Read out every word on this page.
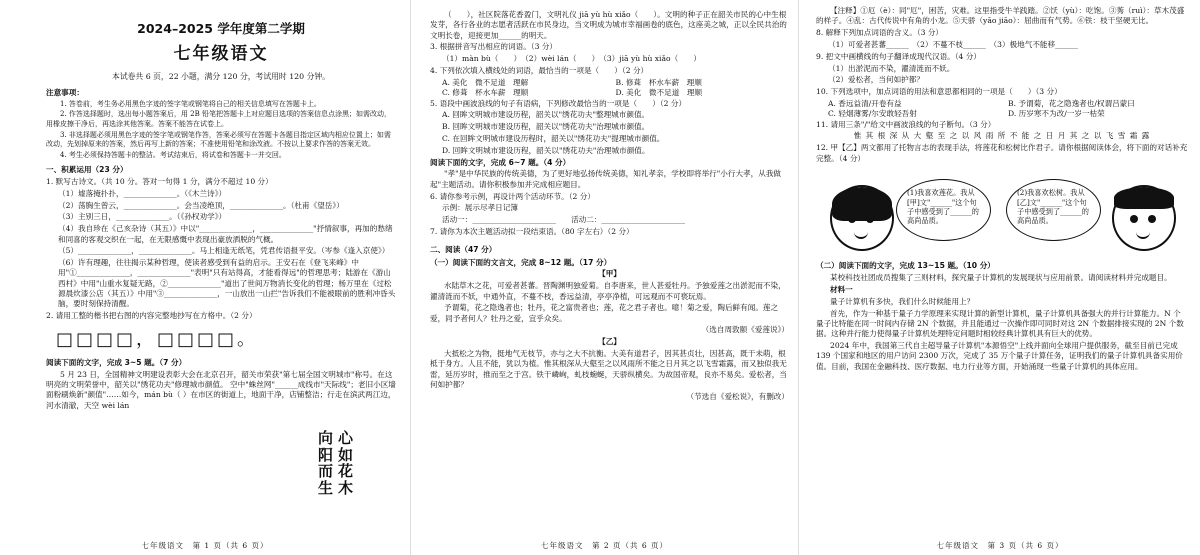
2024–2025 学年度第二学期
七年级语文
本试卷共 6 页，22 小题，满分 120 分，考试用时 120 分钟。

注意事项：

1. 答卷前，考生务必用黑色字迹的签字笔或钢笔将自己的相关信息填写在答题卡上。

2. 作答选择题时，选出每小题答案后，用 2B 铅笔把答题卡上对应题目选项的答案信息点涂黑；如需改动，用橡皮擦干净后，再选涂其他答案。答案不能答在试卷上。

3. 非选择题必须用黑色字迹的签字笔或钢笔作答，答案必须写在答题卡各题目指定区域内相应位置上；如需改动，先划掉原来的答案，然后再写上新的答案；不准使用铅笔和涂改液。不按以上要求作答的答案无效。

4. 考生必须保持答题卡的整洁。考试结束后，将试卷和答题卡一并交回。

一、积累运用（23 分）

1. 默写古诗文。（共 10 分。答对一句得 1 分，满分不超过 10 分）

（1）墟落掩扑扑，______________。（《木兰诗》）

（2）荡胸生曾云，______________。会当凌绝顶，______________。（杜甫《望岳》）

（3）主别三日，______________。（《孙权劝学》）

（4）我自珍在《己亥杂诗（其五）》中以"______________，______________"抒情叙事，再加的愁绪和同喜的客观交织在一起，在无限感慨中表现出豪放洒脱的气概。

（5）______________，______________。马上相逢无纸笔，凭君传语报平安。（岑参《逢入京使》）

（6）许有理趣，往往揭示某种哲理，使读者感受到有益的启示。王安石在《登飞来峰》中用"①______________，______________"表明"只有站得高，才能看得远"的哲理思考；陆游在《游山西村》中用"山重水复疑无路，②______________"道出了世间万物消长变化的哲理；杨万里在《过松源晨炊漆公店（其五）》中用"③______________，一山放出一山拦"告诉我们不能被眼前的胜利冲昏头脑，要时刻保持清醒。

2. 请用工整的楷书把右图的内容完整地抄写在方格中。（2 分）

□□□□，□□□□。
向
阳
而
生
心
如
花
木

阅读下面的文字，完成 3~5 题。（7 分）

5 月 23 日，全国精神文明建设表彰大会在北京召开，韶关市荣获"第七届全国文明城市"称号。在这明亮的文明荣誉中，韶关以"绣花功夫"修理城市颜值。 空中"蛛丝网"______成线市"天际线"；老旧小区墙面粉刷焕新"颜值"……如今，mán bù（ ）在市区的街道上，地面干净，店铺整洁；行走在滨武两江边，河水清澈，天空 wèi lán

七年级语文　第 1 页（共 6 页）

（　　），社区院落花香盈门，文明礼仪 jiā yù hù xiǎo（　　）。文明的种子正在韶关市民的心中生根发芽，各行各业的志愿者活跃在市民身边，当文明成为城市幸福画卷的底色，这座美之城，正以全民共治的文明长卷，迎接更加______的明天。

3. 根据拼音写出相应的词语。（3 分）

（1）màn bù（　　）　（2）wèi lán（　　）　（3）jiā yù hù xiǎo（　　）

4. 下列依次填入横线处的词语，最恰当的一项是（　　）（2 分）

A. 美化　微不足道　理解	B. 修葺　杯水车薪　理顺
C. 修葺　杯水车薪　理顺	D. 美化　微不足道　理顺

5. 语段中画波浪线的句子有语病，下列修改最恰当的一项是（　　）（2 分）

A. 回眸文明城市建设历程，韶关以"绣花功夫"整理城市颜值。

B. 回眸文明城市建设历程，韶关以"绣花功夫"治理城市颜值。

C. 在回眸文明城市建设历程时，韶关以"绣花功夫"提理城市颜值。

D. 回眸文明城市建设历程，韶关以"绣花功夫"治理城市颜值。

阅读下面的文字，完成 6~7 题。（4 分）

"孝"是中华民族的传统美德，为了更好地弘扬传统美德，知礼孝亲，学校即将举行"小行大孝，从我做起"主题活动。请你积极参加并完成相应题目。

6. 请你参考示例，再设计两个活动环节。（2 分）

示例：展示尽孝日记簿

活动一：______________________　　活动二：______________________

7. 请你为本次主题活动拟一段结束语。（80 字左右）（2 分）

二、阅读（47 分）

（一）阅读下面的文言文，完成 8~12 题。（17 分）

【甲】

水陆草木之花，可爱者甚蕃。晋陶渊明独爱菊。自李唐来，世人甚爱牡丹。予独爱莲之出淤泥而不染，濯清涟而不妖，中通外直，不蔓不枝，香远益清，亭亭净植，可远观而不可亵玩焉。

予谓菊，花之隐逸者也；牡丹，花之富贵者也；莲，花之君子者也。噫！菊之爱，陶后鲜有闻。莲之爱，同予者何人？牡丹之爱，宜乎众矣。

（选自周敦颐《爱莲说》）

【乙】

大抵松之为物，挺地气无枝节，亦与之大不抗衡。大美有道君子，因其甚贞壮，因甚高，既干未萌，根柢于身方。人且不能，犹以为植。惟其根深从大壑至之以风雨所不能之日月其之以飞雪霜露，而又独似我无雷，延历岁时，推而至之于宫。铁干嶙峋，虬枝蜿蜒，天骄纵横矣。为故国帝观，良亦不易矣。爱松者，当何如护都？

（节选自《爱松说》，有删改）

七年级语文　第 2 页（共 6 页）

【注释】①厄（è）：同"厄"，困苦，灾难。这里指受牛羊践踏。②饫（yù）：吃饱。③莠（ruì）：草木茂盛的样子。④乱：古代传说中有角的小龙。⑤天骄（yāo jiāo）：屈曲而有气势。⑥铁：枝干坚硬无比。

8. 解释下列加点词语的含义。（3 分）

（1）可爱者甚蕃______　（2）不蔓不枝______　（3）极地气不能移______

9. 把文中画横线的句子翻译成现代汉语。（4 分）

（1）出淤泥而不染，濯清涟而不妖。

（2）爱松者，当何如护都？

10. 下列选项中，加点词语的用法和意思都相同的一项是（　　）（3 分）

A. 香远益清/开卷有益	B. 予谓菊，花之隐逸者也/权谓吕蒙曰
C. 轻烟薄雾/尔安敢轻吾射	D. 历岁寒不为改/一岁一枯荣

11. 请用三条"/"给文中画波浪线的句子断句。（3 分）

惟 其 根 深 从 大 壑 至 之 以 风 雨 所 不 能 之 日 月 其 之 以 飞 雪 霜 露

12. 甲【乙】两文都用了托物言志的表现手法，将莲花和松树比作君子。请你根据阅读体会，将下面的对话补充完整。（4 分）

(1)我喜欢莲花。我从[甲]文"______"这个句子中感受到了______的高尚品质。
(2)我喜欢松树。我从[乙]文"______"这个句子中感受到了______的高尚品质。

（二）阅读下面的文字，完成 13~15 题。（10 分）

某校科技社团成员搜集了三则材料，探究量子计算机的发展现状与应用前景。请阅读材料并完成题目。

材料一

量子计算机有多快，我们什么时候能用上？

首先，作为一种基于量子力学原理来实现计算的新型计算机，量子计算机具备强大的并行计算能力。N 个量子比特能在同一时间内存储 2N 个数据，并且能通过一次操作即可同时对这 2N 个数据排接实现的 2N 个数据。这种并行能力使得量子计算机处理特定问题时相较经典计算机具有巨大的优势。

2024 年中，我国第三代自主超导量子计算机"本源悟空"上线并面向全球用户提供服务，截至目前已完成 139 个国家和地区的用户访问 2300 万次，完成了 35 万个量子计算任务，证明我们的量子计算机具备实用价值。目前，我国在金融科技、医疗数据、电力行业等方面，开始涌现一些量子计算机的具体应用。

七年级语文　第 3 页（共 6 页）
